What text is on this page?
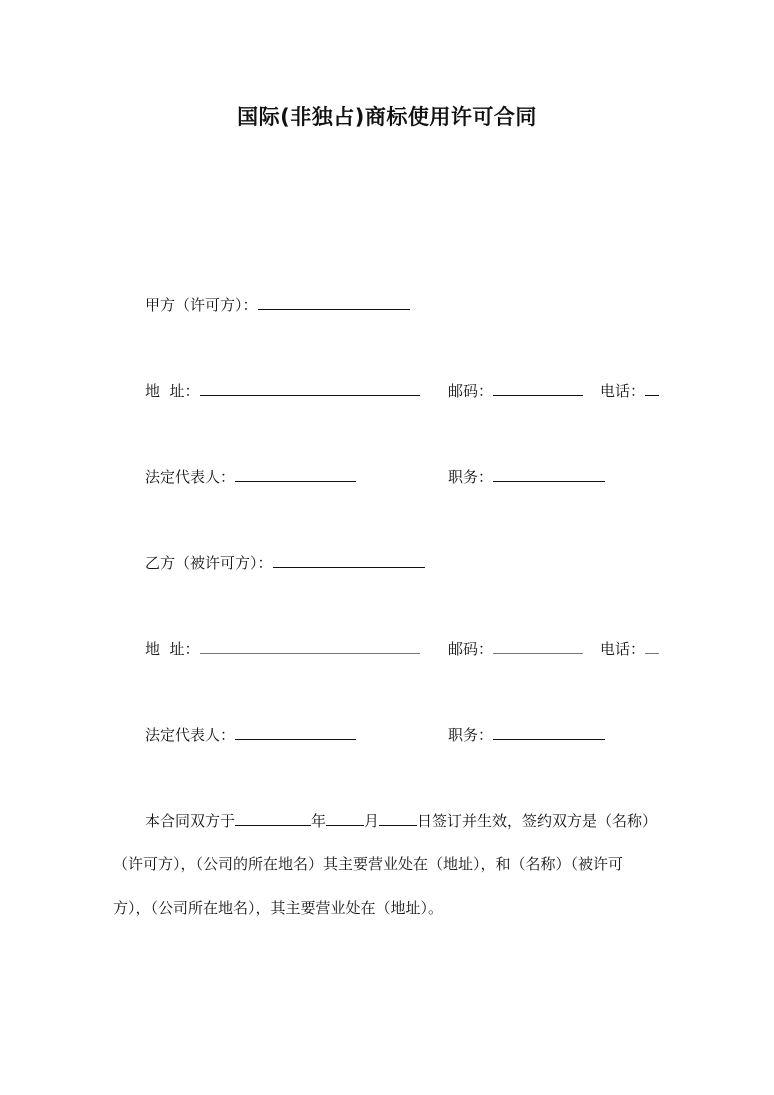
国际(非独占)商标使用许可合同
甲方（许可方）：
地  址：	邮码：	电话：
法定代表人：	职务：
乙方（被许可方）：
地  址：	邮码：	电话：
法定代表人：	职务：
本合同双方于	年	月	日签订并生效，签约双方是（名称）
（许可方），（公司的所在地名）其主要营业处在（地址），和（名称）（被许可
方），（公司所在地名），其主要营业处在（地址）。
